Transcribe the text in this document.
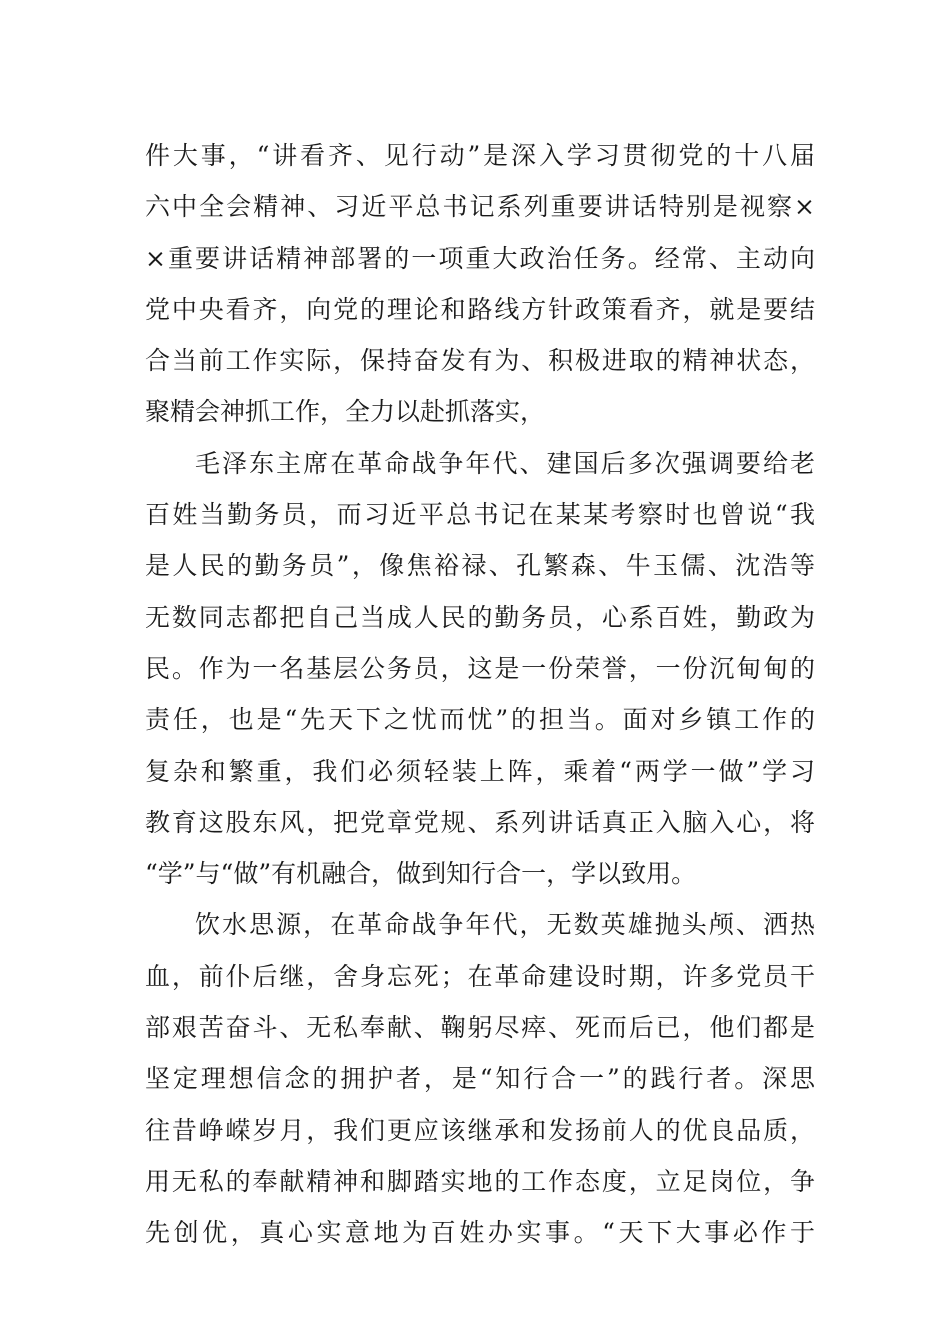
件大事，“讲看齐、见行动”是深入学习贯彻党的十八届
六中全会精神、习近平总书记系列重要讲话特别是视察×
×重要讲话精神部署的一项重大政治任务。经常、主动向
党中央看齐，向党的理论和路线方针政策看齐，就是要结
合当前工作实际，保持奋发有为、积极进取的精神状态，
聚精会神抓工作，全力以赴抓落实，
毛泽东主席在革命战争年代、建国后多次强调要给老
百姓当勤务员，而习近平总书记在某某考察时也曾说“我
是人民的勤务员”，像焦裕禄、孔繁森、牛玉儒、沈浩等
无数同志都把自己当成人民的勤务员，心系百姓，勤政为
民。作为一名基层公务员，这是一份荣誉，一份沉甸甸的
责任，也是“先天下之忧而忧”的担当。面对乡镇工作的
复杂和繁重，我们必须轻装上阵，乘着“两学一做”学习
教育这股东风，把党章党规、系列讲话真正入脑入心，将
“学”与“做”有机融合，做到知行合一，学以致用。
饮水思源，在革命战争年代，无数英雄抛头颅、洒热
血，前仆后继，舍身忘死；在革命建设时期，许多党员干
部艰苦奋斗、无私奉献、鞠躬尽瘁、死而后已，他们都是
坚定理想信念的拥护者，是“知行合一”的践行者。深思
往昔峥嵘岁月，我们更应该继承和发扬前人的优良品质，
用无私的奉献精神和脚踏实地的工作态度，立足岗位，争
先创优，真心实意地为百姓办实事。“天下大事必作于
